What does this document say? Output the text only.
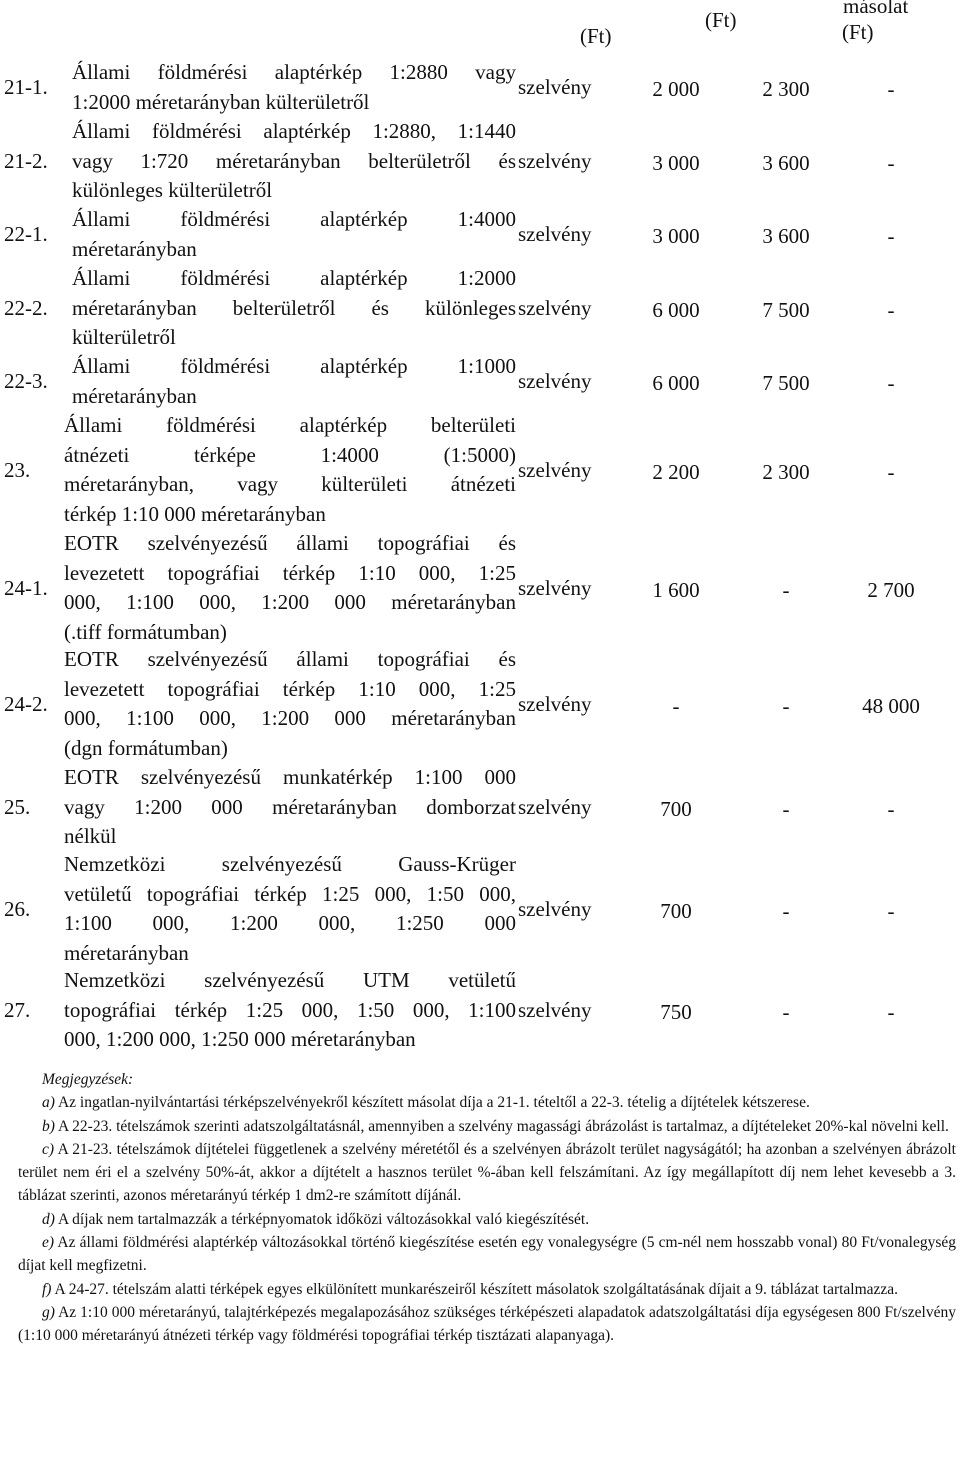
másolat
(Ft)
(Ft)
(Ft)
21-1.
Állami földmérési alaptérkép 1:2880 vagy
1:2000 méretarányban külterületről
szelvény	2 000	2 300	-
21-2.
Állami földmérési alaptérkép 1:2880, 1:1440
vagy 1:720 méretarányban belterületről és
különleges külterületről
szelvény	3 000	3 600	-
22-1.
Állami földmérési alaptérkép 1:4000
méretarányban
szelvény	3 000	3 600	-
22-2.
Állami földmérési alaptérkép 1:2000
méretarányban belterületről és különleges
külterületről
szelvény	6 000	7 500	-
22-3.
Állami földmérési alaptérkép 1:1000
méretarányban
szelvény	6 000	7 500	-
23.
Állami földmérési alaptérkép belterületi
átnézeti térképe 1:4000 (1:5000)
méretarányban, vagy külterületi átnézeti
térkép 1:10 000 méretarányban
szelvény	2 200	2 300	-
24-1.
EOTR szelvényezésű állami topográfiai és
levezetett topográfiai térkép 1:10 000, 1:25
000, 1:100 000, 1:200 000 méretarányban
(.tiff formátumban)
szelvény	1 600	-	2 700
24-2.
EOTR szelvényezésű állami topográfiai és
levezetett topográfiai térkép 1:10 000, 1:25
000, 1:100 000, 1:200 000 méretarányban
(dgn formátumban)
szelvény	-	-	48 000
25.
EOTR szelvényezésű munkatérkép 1:100 000
vagy 1:200 000 méretarányban domborzat
nélkül
szelvény	700	-	-
26.
Nemzetközi szelvényezésű Gauss-Krüger
vetületű topográfiai térkép 1:25 000, 1:50 000,
1:100 000, 1:200 000, 1:250 000
méretarányban
szelvény	700	-	-
27.
Nemzetközi szelvényezésű UTM vetületű
topográfiai térkép 1:25 000, 1:50 000, 1:100
000, 1:200 000, 1:250 000 méretarányban
szelvény	750	-	-
Megjegyzések:
a) Az ingatlan-nyilvántartási térképszelvényekről készített másolat díja a 21-1. tételtől a 22-3. tételig a díjtételek kétszerese.
b) A 22-23. tételszámok szerinti adatszolgáltatásnál, amennyiben a szelvény magassági ábrázolást is tartalmaz, a díjtételeket 20%-kal növelni kell.
c) A 21-23. tételszámok díjtételei függetlenek a szelvény méretétől és a szelvényen ábrázolt terület nagyságától; ha azonban a szelvényen ábrázolt terület nem éri el a szelvény 50%-át, akkor a díjtételt a hasznos terület %-ában kell felszámítani. Az így megállapított díj nem lehet kevesebb a 3. táblázat szerinti, azonos méretarányú térkép 1 dm2-re számított díjánál.
d) A díjak nem tartalmazzák a térképnyomatok időközi változásokkal való kiegészítését.
e) Az állami földmérési alaptérkép változásokkal történő kiegészítése esetén egy vonalegységre (5 cm-nél nem hosszabb vonal) 80 Ft/vonalegység díjat kell megfizetni.
f) A 24-27. tételszám alatti térképek egyes elkülönített munkarészeiről készített másolatok szolgáltatásának díjait a 9. táblázat tartalmazza.
g) Az 1:10 000 méretarányú, talajtérképezés megalapozásához szükséges térképészeti alapadatok adatszolgáltatási díja egységesen 800 Ft/szelvény (1:10 000 méretarányú átnézeti térkép vagy földmérési topográfiai térkép tisztázati alapanyaga).
